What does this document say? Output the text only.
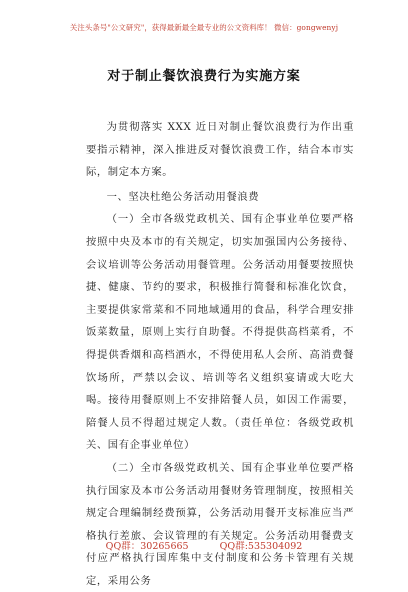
关注头条号"公文研究"，获得最新最全最专业的公文资料库！ 微信：gongwenyj
对于制止餐饮浪费行为实施方案

为贯彻落实 XXX 近日对制止餐饮浪费行为作出重要指示精神，深入推进反对餐饮浪费工作，结合本市实际，制定本方案。

一、坚决杜绝公务活动用餐浪费

（一）全市各级党政机关、国有企事业单位要严格按照中央及本市的有关规定，切实加强国内公务接待、会议培训等公务活动用餐管理。公务活动用餐要按照快捷、健康、节约的要求，积极推行简餐和标准化饮食，主要提供家常菜和不同地域通用的食品，科学合理安排饭菜数量，原则上实行自助餐。不得提供高档菜肴，不得提供香烟和高档酒水，不得使用私人会所、高消费餐饮场所，严禁以会议、培训等名义组织宴请或大吃大喝。接待用餐原则上不安排陪餐人员，如因工作需要，陪餐人员不得超过规定人数。（责任单位：各级党政机关、国有企事业单位）

（二）全市各级党政机关、国有企事业单位要严格执行国家及本市公务活动用餐财务管理制度，按照相关规定合理编制经费预算，公务活动用餐开支标准应当严格执行差旅、会议管理的有关规定。公务活动用餐费支付应严格执行国库集中支付制度和公务卡管理有关规定，采用公务

QQ群：30265665	QQ群:535304092
